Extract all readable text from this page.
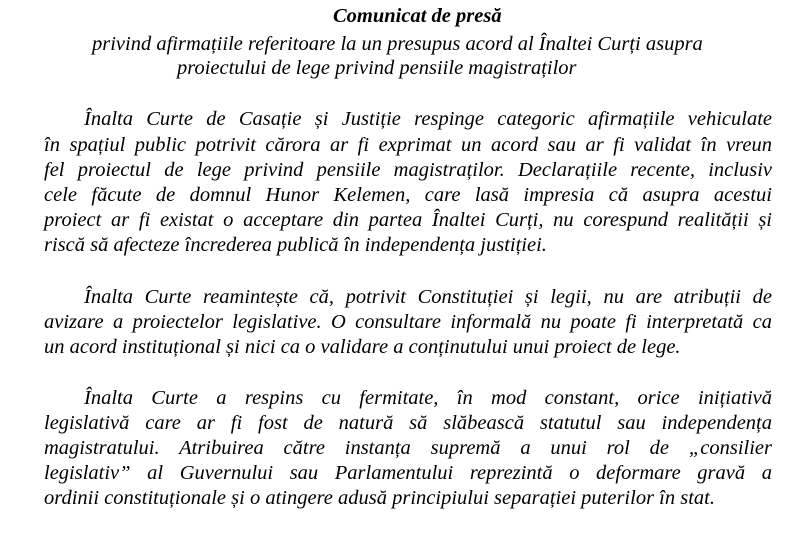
Comunicat de presă
privind afirmațiile referitoare la un presupus acord al Înaltei Curți asupra
proiectului de lege privind pensiile magistraților
Înalta Curte de Casație și Justiție respinge categoric afirmațiile vehiculate
în spațiul public potrivit cărora ar fi exprimat un acord sau ar fi validat în vreun
fel proiectul de lege privind pensiile magistraților. Declarațiile recente, inclusiv
cele făcute de domnul Hunor Kelemen, care lasă impresia că asupra acestui
proiect ar fi existat o acceptare din partea Înaltei Curți, nu corespund realității și
riscă să afecteze încrederea publică în independența justiției.
Înalta Curte reamintește că, potrivit Constituției și legii, nu are atribuții de
avizare a proiectelor legislative. O consultare informală nu poate fi interpretată ca
un acord instituțional și nici ca o validare a conținutului unui proiect de lege.
Înalta Curte a respins cu fermitate, în mod constant, orice inițiativă
legislativă care ar fi fost de natură să slăbească statutul sau independența
magistratului. Atribuirea către instanța supremă a unui rol de „consilier
legislativ” al Guvernului sau Parlamentului reprezintă o deformare gravă a
ordinii constituționale și o atingere adusă principiului separației puterilor în stat.
